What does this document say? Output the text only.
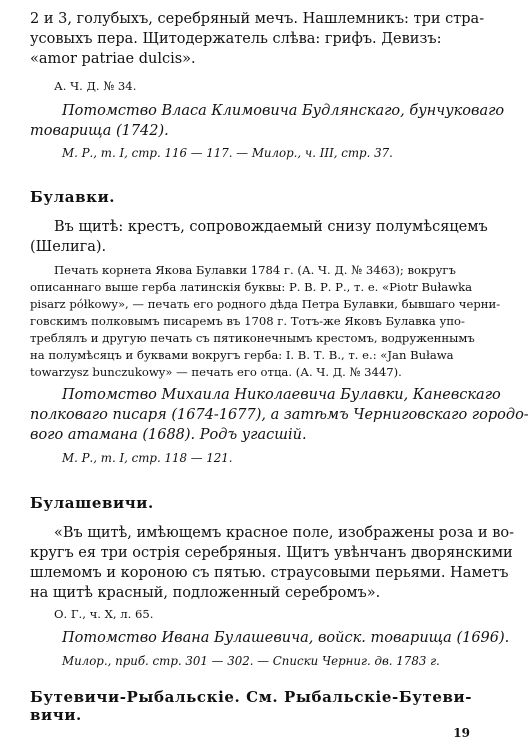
2 и 3, голубыхъ, серебряный мечъ. Нашлемникъ: три стра-
усовыхъ пера. Щитодержатель слѣва: грифъ. Девизъ:
«amor patriae dulcis».
А. Ч. Д. № 34.
Потомство Власа Климовича Будлянскаго, бунчуковаго
товарища (1742).
М. Р., т. I, стр. 116 — 117. — Милор., ч. III, стр. 37.
Булавки.
Въ щитѣ: крестъ, сопровождаемый снизу полумѣсяцемъ
(Шелига).
Печать корнета Якова Булавки 1784 г. (А. Ч. Д. № 3463); вокругъ
описаннаго выше герба латинскія буквы: Р. В. Р. Р., т. е. «Piotr Buławka
pisarz półkowy», — печать его родного дѣда Петра Булавки, бывшаго черни-
говскимъ полковымъ писаремъ въ 1708 г. Тотъ-же Яковъ Булавка упо-
треблялъ и другую печать съ пятиконечнымъ крестомъ, водруженнымъ
на полумѣсяцъ и буквами вокругъ герба: I. В. Т. В., т. е.: «Jan Buława
towarzysz bunczukowy» — печать его отца. (А. Ч. Д. № 3447).
Потомство Михаила Николаевича Булавки, Каневскаго
полковаго писаря (1674-1677), а затѣмъ Черниговскаго городо-
вого атамана (1688). Родъ угасшій.
М. Р., т. I, стр. 118 — 121.
Булашевичи.
«Въ щитѣ, имѣющемъ красное поле, изображены роза и во-
кругъ ея три острія серебряныя. Щитъ увѣнчанъ дворянскими
шлемомъ и короною съ пятью. страусовыми перьями. Наметъ
на щитѣ красный, подложенный серебромъ».
О. Г., ч. X, л. 65.
Потомство Ивана Булашевича, войск. товарища (1696).
Милор., приб. стр. 301 — 302. — Списки Черниг. дв. 1783 г.
Бутевичи-Рыбальскіе. См. Рыбальскіе-Бутеви-
вичи.
19
